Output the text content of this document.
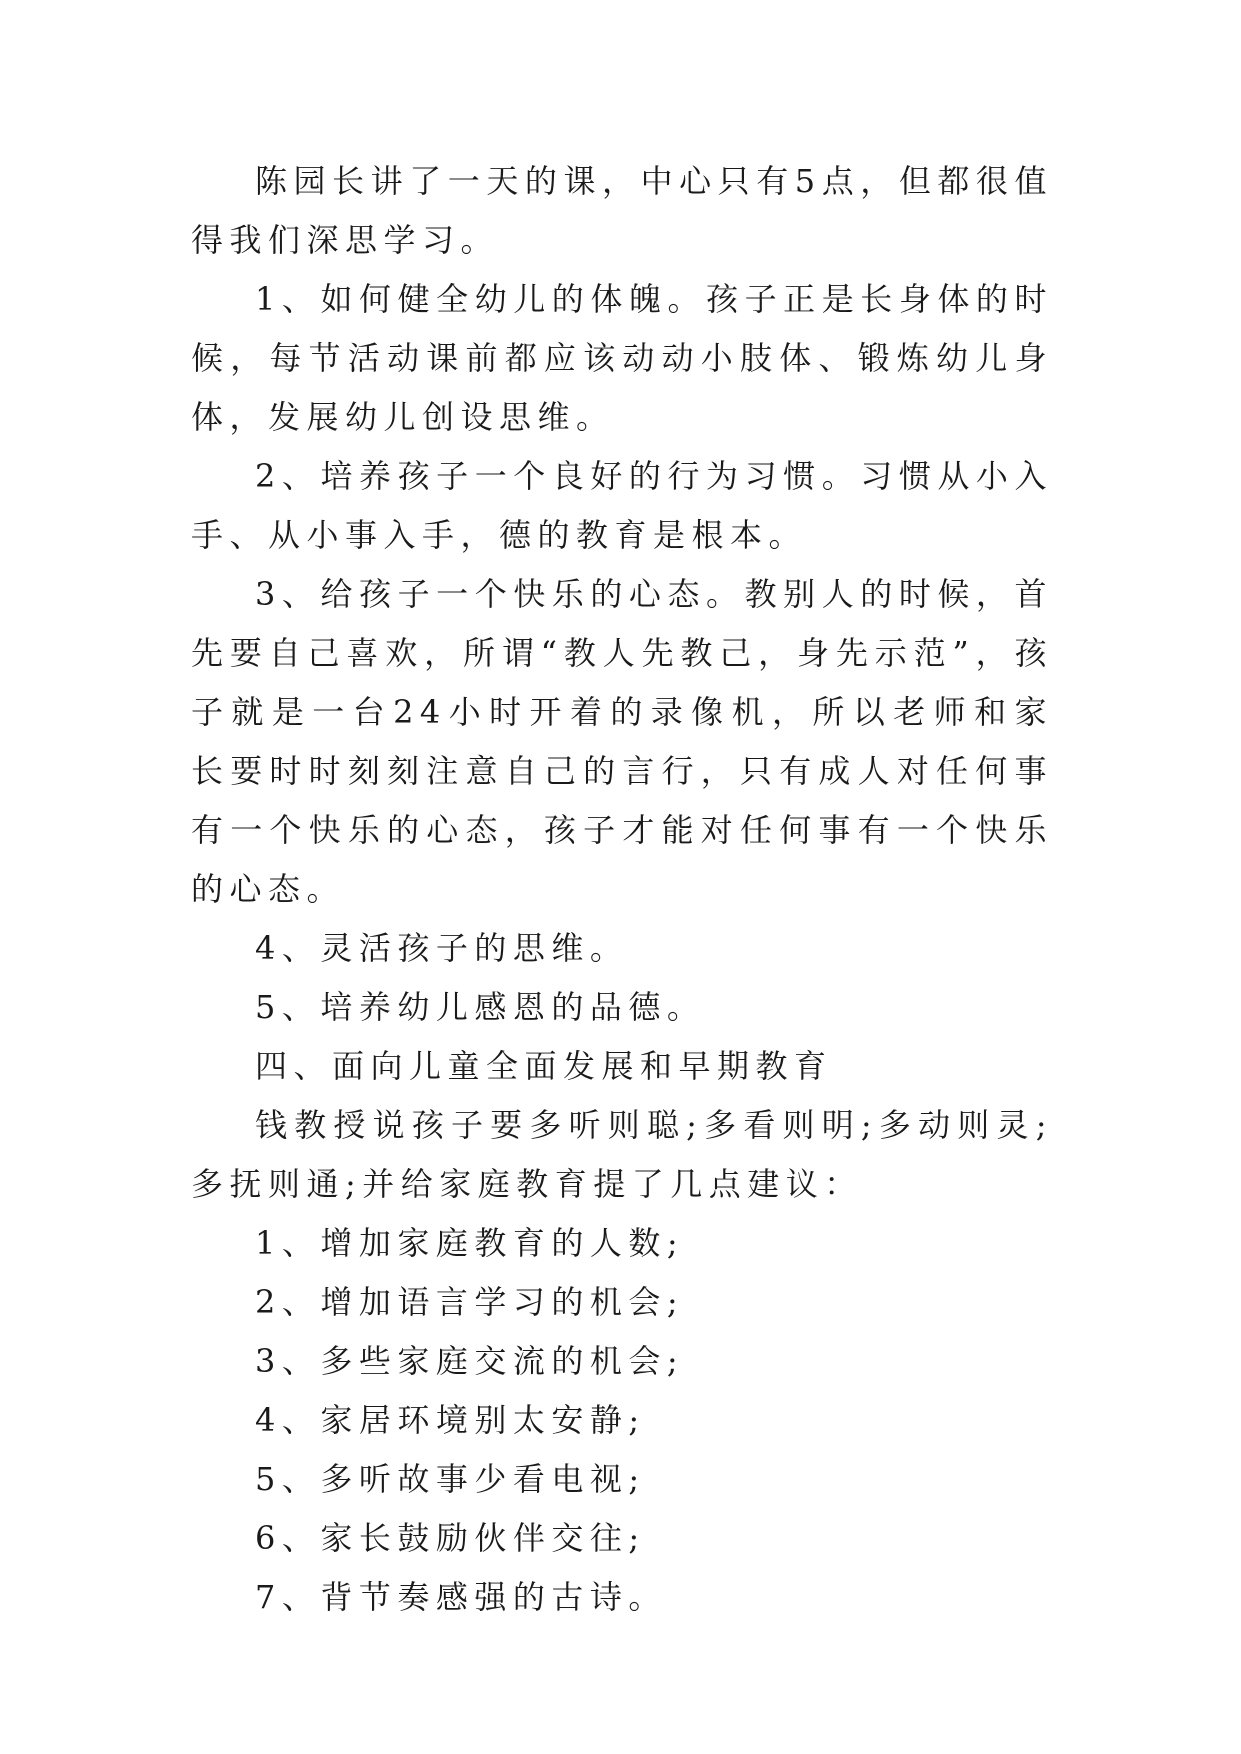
陈园长讲了一天的课，中心只有5点，但都很值得我们深思学习。

1、如何健全幼儿的体魄。孩子正是长身体的时候，每节活动课前都应该动动小肢体、锻炼幼儿身体，发展幼儿创设思维。

2、培养孩子一个良好的行为习惯。习惯从小入手、从小事入手，德的教育是根本。

3、给孩子一个快乐的心态。教别人的时候，首先要自己喜欢，所谓“教人先教己，身先示范”，孩子就是一台24小时开着的录像机，所以老师和家长要时时刻刻注意自己的言行，只有成人对任何事有一个快乐的心态，孩子才能对任何事有一个快乐的心态。

4、灵活孩子的思维。

5、培养幼儿感恩的品德。

四、面向儿童全面发展和早期教育

钱教授说孩子要多听则聪;多看则明;多动则灵;多抚则通;并给家庭教育提了几点建议：

1、增加家庭教育的人数;

2、增加语言学习的机会;

3、多些家庭交流的机会;

4、家居环境别太安静;

5、多听故事少看电视;

6、家长鼓励伙伴交往;

7、背节奏感强的古诗。
